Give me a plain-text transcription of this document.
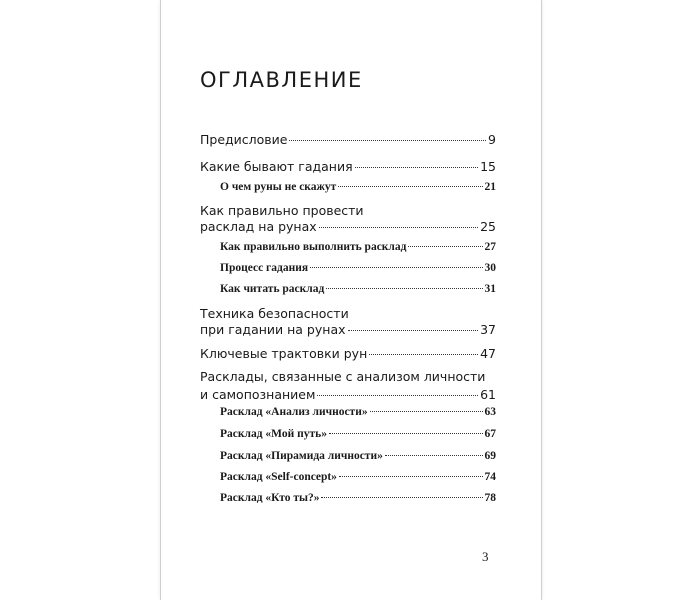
ОГЛАВЛЕНИЕ
Предисловие	9
Какие бывают гадания	15
О чем руны не скажут	21
Как правильно провести
расклад на рунах	25
Как правильно выполнить расклад	27
Процесс гадания	30
Как читать расклад	31
Техника безопасности
при гадании на рунах	37
Ключевые трактовки рун	47
Расклады, связанные с анализом личности
и самопознанием	61
Расклад «Анализ личности»	63
Расклад «Мой путь»	67
Расклад «Пирамида личности»	69
Расклад «Self-concept»	74
Расклад «Кто ты?»	78
3
